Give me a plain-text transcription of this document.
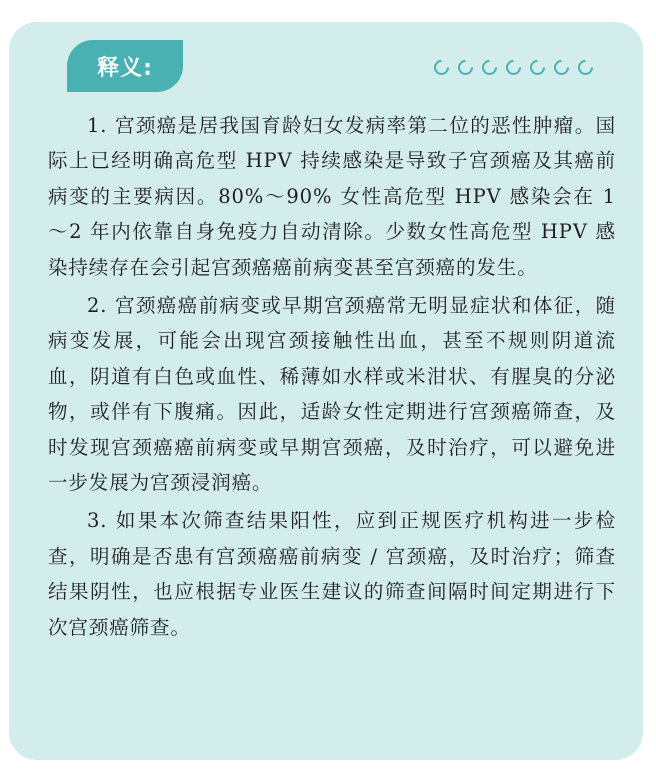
释义:

1. 宫颈癌是居我国育龄妇女发病率第二位的恶性肿瘤。国际上已经明确高危型 HPV 持续感染是导致子宫颈癌及其癌前病变的主要病因。80%～90% 女性高危型 HPV 感染会在 1～2 年内依靠自身免疫力自动清除。少数女性高危型 HPV 感染持续存在会引起宫颈癌癌前病变甚至宫颈癌的发生。

2. 宫颈癌癌前病变或早期宫颈癌常无明显症状和体征，随病变发展，可能会出现宫颈接触性出血，甚至不规则阴道流血，阴道有白色或血性、稀薄如水样或米泔状、有腥臭的分泌物，或伴有下腹痛。因此，适龄女性定期进行宫颈癌筛查，及时发现宫颈癌癌前病变或早期宫颈癌，及时治疗，可以避免进一步发展为宫颈浸润癌。

3. 如果本次筛查结果阳性，应到正规医疗机构进一步检查，明确是否患有宫颈癌癌前病变 / 宫颈癌，及时治疗；筛查结果阴性，也应根据专业医生建议的筛查间隔时间定期进行下次宫颈癌筛查。
